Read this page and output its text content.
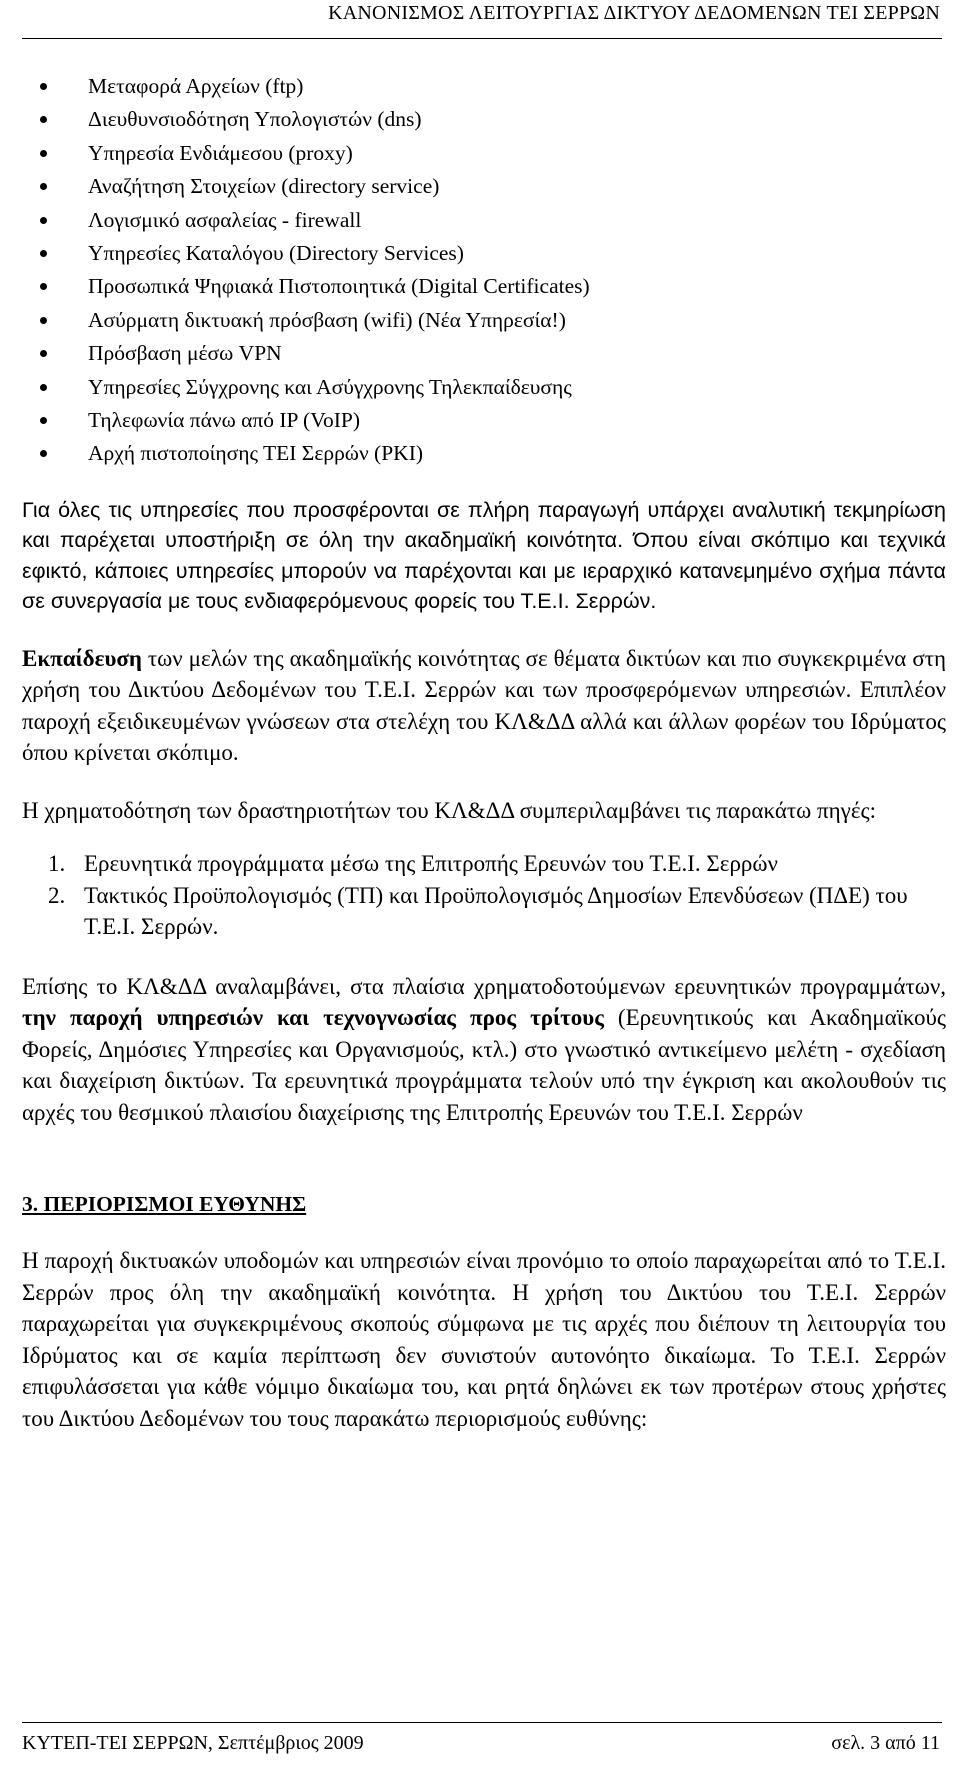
ΚΑΝΟΝΙΣΜΟΣ ΛΕΙΤΟΥΡΓΙΑΣ ΔΙΚΤΥΟΥ ΔΕΔΟΜΕΝΩΝ ΤΕΙ ΣΕΡΡΩΝ
Μεταφορά Αρχείων (ftp)
Διευθυνσιοδότηση Υπολογιστών (dns)
Υπηρεσία Ενδιάμεσου (proxy)
Αναζήτηση Στοιχείων (directory service)
Λογισμικό ασφαλείας - firewall
Υπηρεσίες Καταλόγου (Directory Services)
Προσωπικά Ψηφιακά Πιστοποιητικά (Digital Certificates)
Ασύρματη δικτυακή πρόσβαση (wifi) (Νέα Υπηρεσία!)
Πρόσβαση μέσω VPN
Υπηρεσίες Σύγχρονης και Ασύγχρονης Τηλεκπαίδευσης
Τηλεφωνία πάνω από IP (VoIP)
Αρχή πιστοποίησης ΤΕΙ Σερρών (PKI)

Για όλες τις υπηρεσίες που προσφέρονται σε πλήρη παραγωγή υπάρχει αναλυτική τεκμηρίωση και παρέχεται υποστήριξη σε όλη την ακαδημαϊκή κοινότητα. Όπου είναι σκόπιμο και τεχνικά εφικτό, κάποιες υπηρεσίες μπορούν να παρέχονται και με ιεραρχικό κατανεμημένο σχήμα πάντα σε συνεργασία με τους ενδιαφερόμενους φορείς του Τ.Ε.Ι. Σερρών.

Εκπαίδευση των μελών της ακαδημαϊκής κοινότητας σε θέματα δικτύων και πιο συγκεκριμένα στη χρήση του Δικτύου Δεδομένων του Τ.Ε.Ι. Σερρών και των προσφερόμενων υπηρεσιών. Επιπλέον παροχή εξειδικευμένων γνώσεων στα στελέχη του ΚΛ&ΔΔ αλλά και άλλων φορέων του Ιδρύματος όπου κρίνεται σκόπιμο.

Η χρηματοδότηση των δραστηριοτήτων του ΚΛ&ΔΔ συμπεριλαμβάνει τις παρακάτω πηγές:

1. Ερευνητικά προγράμματα μέσω της Επιτροπής Ερευνών του Τ.Ε.Ι. Σερρών
2. Τακτικός Προϋπολογισμός (ΤΠ) και Προϋπολογισμός Δημοσίων Επενδύσεων (ΠΔΕ) του Τ.Ε.Ι. Σερρών.

Επίσης το ΚΛ&ΔΔ αναλαμβάνει, στα πλαίσια χρηματοδοτούμενων ερευνητικών προγραμμάτων, την παροχή υπηρεσιών και τεχνογνωσίας προς τρίτους (Ερευνητικούς και Ακαδημαϊκούς Φορείς, Δημόσιες Υπηρεσίες και Οργανισμούς, κτλ.) στο γνωστικό αντικείμενο μελέτη - σχεδίαση και διαχείριση δικτύων. Τα ερευνητικά προγράμματα τελούν υπό την έγκριση και ακολουθούν τις αρχές του θεσμικού πλαισίου διαχείρισης της Επιτροπής Ερευνών του Τ.Ε.Ι. Σερρών

3. ΠΕΡΙΟΡΙΣΜΟΙ ΕΥΘΥΝΗΣ

Η παροχή δικτυακών υποδομών και υπηρεσιών είναι προνόμιο το οποίο παραχωρείται από το Τ.Ε.Ι. Σερρών προς όλη την ακαδημαϊκή κοινότητα. Η χρήση του Δικτύου του Τ.Ε.Ι. Σερρών παραχωρείται για συγκεκριμένους σκοπούς σύμφωνα με τις αρχές που διέπουν τη λειτουργία του Ιδρύματος και σε καμία περίπτωση δεν συνιστούν αυτονόητο δικαίωμα. Το Τ.Ε.Ι. Σερρών επιφυλάσσεται για κάθε νόμιμο δικαίωμα του, και ρητά δηλώνει εκ των προτέρων στους χρήστες του Δικτύου Δεδομένων του τους παρακάτω περιορισμούς ευθύνης:

ΚΥΤΕΠ-ΤΕΙ ΣΕΡΡΩΝ, Σεπτέμβριος 2009	σελ. 3 από 11
